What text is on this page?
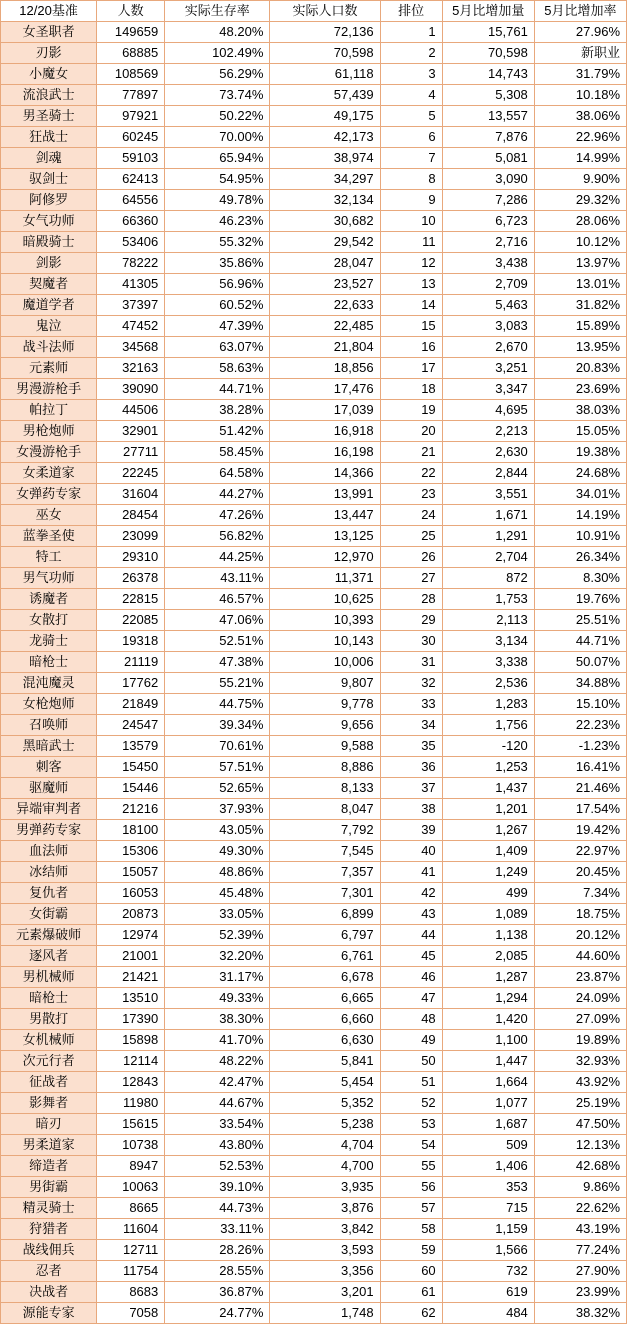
12/20基准	人数	实际生存率	实际人口数	排位	5月比增加量	5月比增加率
女圣职者	149659	48.20%	72,136	1	15,761	27.96%
刃影	68885	102.49%	70,598	2	70,598	新职业
小魔女	108569	56.29%	61,118	3	14,743	31.79%
流浪武士	77897	73.74%	57,439	4	5,308	10.18%
男圣骑士	97921	50.22%	49,175	5	13,557	38.06%
狂战士	60245	70.00%	42,173	6	7,876	22.96%
剑魂	59103	65.94%	38,974	7	5,081	14.99%
驭剑士	62413	54.95%	34,297	8	3,090	9.90%
阿修罗	64556	49.78%	32,134	9	7,286	29.32%
女气功师	66360	46.23%	30,682	10	6,723	28.06%
暗殿骑士	53406	55.32%	29,542	11	2,716	10.12%
剑影	78222	35.86%	28,047	12	3,438	13.97%
契魔者	41305	56.96%	23,527	13	2,709	13.01%
魔道学者	37397	60.52%	22,633	14	5,463	31.82%
鬼泣	47452	47.39%	22,485	15	3,083	15.89%
战斗法师	34568	63.07%	21,804	16	2,670	13.95%
元素师	32163	58.63%	18,856	17	3,251	20.83%
男漫游枪手	39090	44.71%	17,476	18	3,347	23.69%
帕拉丁	44506	38.28%	17,039	19	4,695	38.03%
男枪炮师	32901	51.42%	16,918	20	2,213	15.05%
女漫游枪手	27711	58.45%	16,198	21	2,630	19.38%
女柔道家	22245	64.58%	14,366	22	2,844	24.68%
女弹药专家	31604	44.27%	13,991	23	3,551	34.01%
巫女	28454	47.26%	13,447	24	1,671	14.19%
蓝拳圣使	23099	56.82%	13,125	25	1,291	10.91%
特工	29310	44.25%	12,970	26	2,704	26.34%
男气功师	26378	43.11%	11,371	27	872	8.30%
诱魔者	22815	46.57%	10,625	28	1,753	19.76%
女散打	22085	47.06%	10,393	29	2,113	25.51%
龙骑士	19318	52.51%	10,143	30	3,134	44.71%
暗枪士	21119	47.38%	10,006	31	3,338	50.07%
混沌魔灵	17762	55.21%	9,807	32	2,536	34.88%
女枪炮师	21849	44.75%	9,778	33	1,283	15.10%
召唤师	24547	39.34%	9,656	34	1,756	22.23%
黑暗武士	13579	70.61%	9,588	35	-120	-1.23%
刺客	15450	57.51%	8,886	36	1,253	16.41%
驱魔师	15446	52.65%	8,133	37	1,437	21.46%
异端审判者	21216	37.93%	8,047	38	1,201	17.54%
男弹药专家	18100	43.05%	7,792	39	1,267	19.42%
血法师	15306	49.30%	7,545	40	1,409	22.97%
冰结师	15057	48.86%	7,357	41	1,249	20.45%
复仇者	16053	45.48%	7,301	42	499	7.34%
女街霸	20873	33.05%	6,899	43	1,089	18.75%
元素爆破师	12974	52.39%	6,797	44	1,138	20.12%
逐风者	21001	32.20%	6,761	45	2,085	44.60%
男机械师	21421	31.17%	6,678	46	1,287	23.87%
暗枪士	13510	49.33%	6,665	47	1,294	24.09%
男散打	17390	38.30%	6,660	48	1,420	27.09%
女机械师	15898	41.70%	6,630	49	1,100	19.89%
次元行者	12114	48.22%	5,841	50	1,447	32.93%
征战者	12843	42.47%	5,454	51	1,664	43.92%
影舞者	11980	44.67%	5,352	52	1,077	25.19%
暗刃	15615	33.54%	5,238	53	1,687	47.50%
男柔道家	10738	43.80%	4,704	54	509	12.13%
缔造者	8947	52.53%	4,700	55	1,406	42.68%
男街霸	10063	39.10%	3,935	56	353	9.86%
精灵骑士	8665	44.73%	3,876	57	715	22.62%
狩猎者	11604	33.11%	3,842	58	1,159	43.19%
战线佣兵	12711	28.26%	3,593	59	1,566	77.24%
忍者	11754	28.55%	3,356	60	732	27.90%
决战者	8683	36.87%	3,201	61	619	23.99%
源能专家	7058	24.77%	1,748	62	484	38.32%
